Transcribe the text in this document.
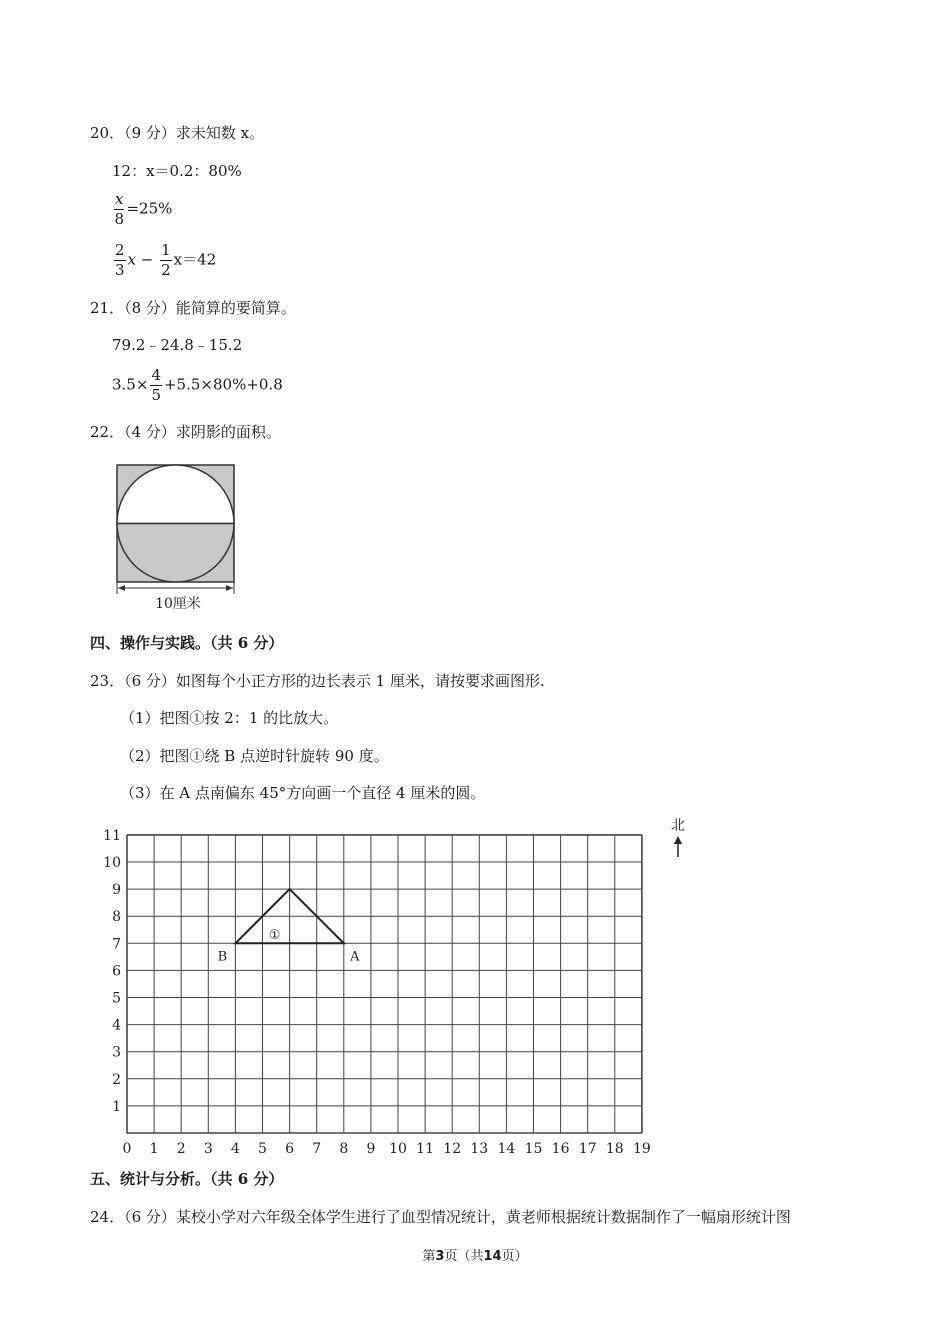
20．（9 分）求未知数 x。
12：x＝0.2：80%
$\frac{x}{8} =25\%$
$\frac{2}{3}$ $x - \frac{1}{2} x=42$
21．（8 分）能简算的要简算。
79.2﹣24.8﹣15.2
$3.5\times \frac{4}{5} +5.5\times 80\%+0.8$
22．（4 分）求阴影的面积。
10厘米
四、操作与实践。（共 6 分）
23．（6 分）如图每个小正方形的边长表示 1 厘米，请按要求画图形.
（1）把图①按 2：1 的比放大。
（2）把图①绕 B 点逆时针旋转 90 度。
（3）在 A 点南偏东 45°方向画一个直径 4 厘米的圆。
0 1 2 3 4 5 6 7 8 9 10 11 12 13 14 15 16 17 18 19
1
2
3
4
5
6
7
8
9
10
11
①
B	A
北
五、统计与分析。（共 6 分）
24．（6 分）某校小学对六年级全体学生进行了血型情况统计，黄老师根据统计数据制作了一幅扇形统计图
第3页（共14页）
